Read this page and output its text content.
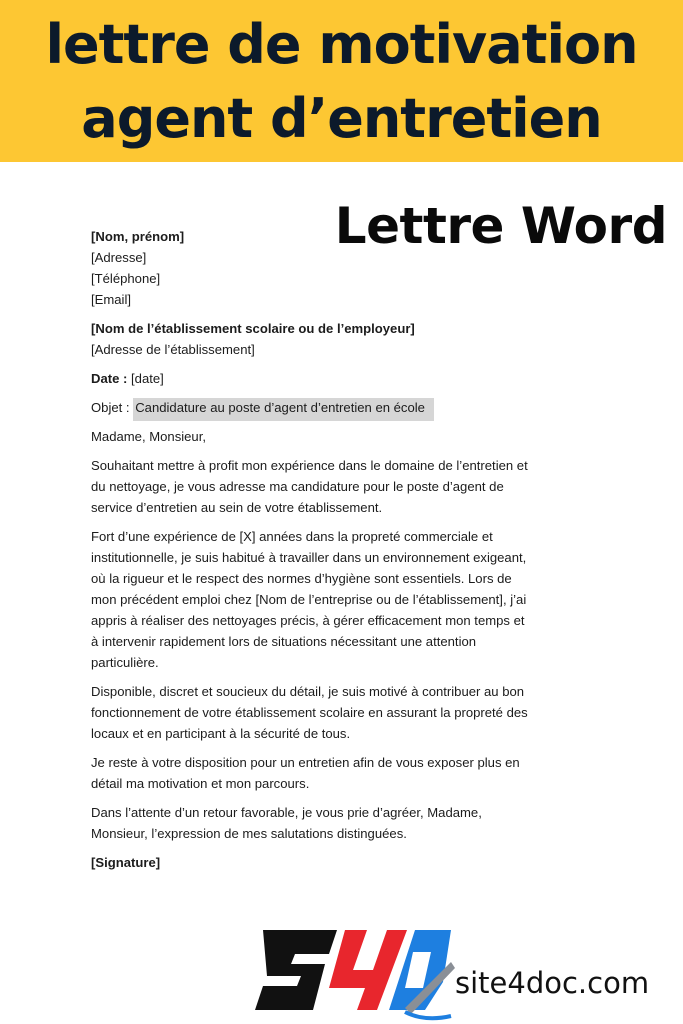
lettre de motivation
agent d’entretien
Lettre Word

[Nom, prénom]

[Adresse]

[Téléphone]

[Email]

[Nom de l’établissement scolaire ou de l’employeur]

[Adresse de l’établissement]

Date : [date]

Objet : Candidature au poste d’agent d’entretien en école

Madame, Monsieur,

Souhaitant mettre à profit mon expérience dans le domaine de l’entretien et du nettoyage, je vous adresse ma candidature pour le poste d’agent de service d’entretien au sein de votre établissement.

Fort d’une expérience de [X] années dans la propreté commerciale et institutionnelle, je suis habitué à travailler dans un environnement exigeant, où la rigueur et le respect des normes d’hygiène sont essentiels. Lors de mon précédent emploi chez [Nom de l’entreprise ou de l’établissement], j’ai appris à réaliser des nettoyages précis, à gérer efficacement mon temps et à intervenir rapidement lors de situations nécessitant une attention particulière.

Disponible, discret et soucieux du détail, je suis motivé à contribuer au bon fonctionnement de votre établissement scolaire en assurant la propreté des locaux et en participant à la sécurité de tous.

Je reste à votre disposition pour un entretien afin de vous exposer plus en détail ma motivation et mon parcours.

Dans l’attente d’un retour favorable, je vous prie d’agréer, Madame, Monsieur, l’expression de mes salutations distinguées.

[Signature]

site4doc.com
